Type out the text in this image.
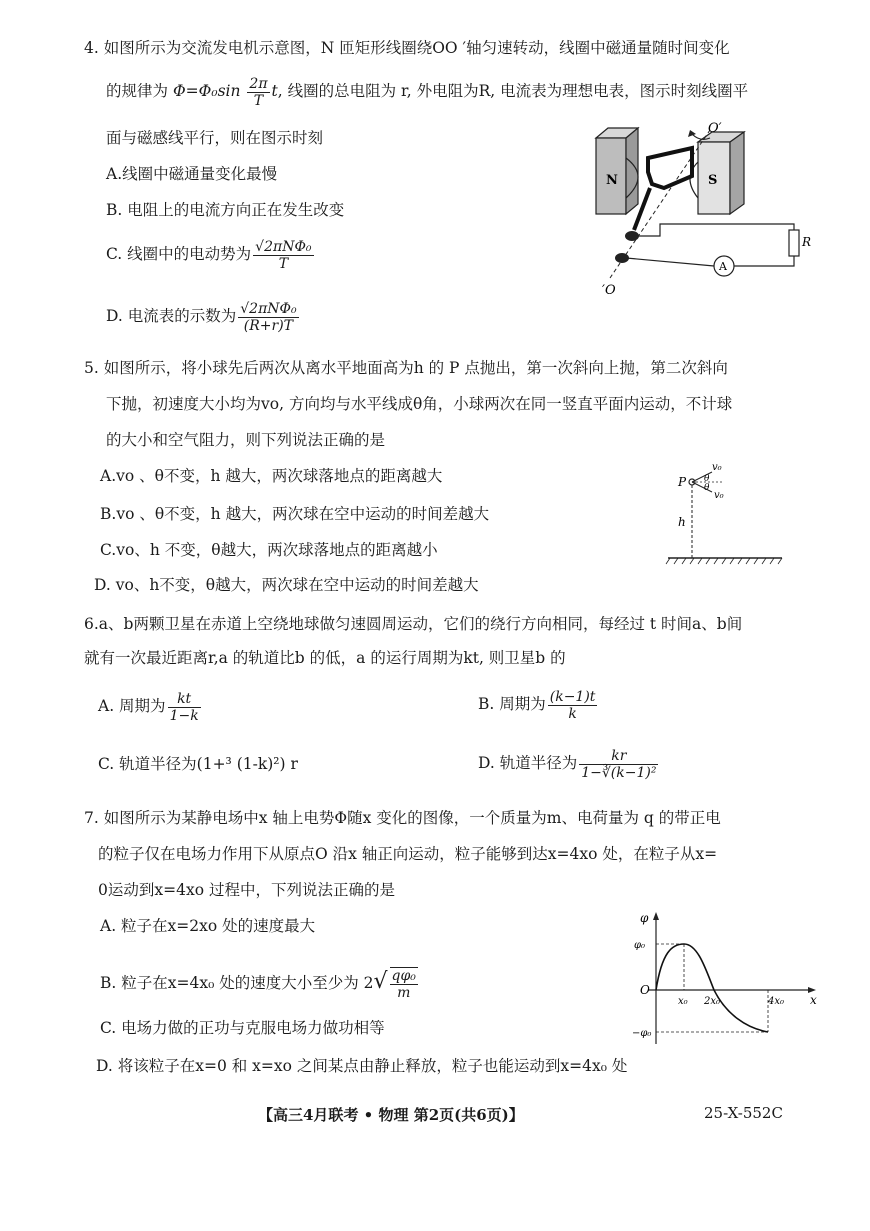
4. 如图所示为交流发电机示意图，N 匝矩形线圈绕OO ′轴匀速转动，线圈中磁通量随时间变化
的规律为 $\Phi=\Phi_0\sin \frac{2\pi}{T} t$, 线圈的总电阻为 r, 外电阻为R, 电流表为理想电表，图示时刻线圈平
面与磁感线平行，则在图示时刻
A.线圈中磁通量变化最慢
B. 电阻上的电流方向正在发生改变
C. 线圈中的电动势为 $\frac{\text{√2πNΦ₀}}{T}$
D. 电流表的示数为 $\frac{\text{√2πNΦ₀}}{(R+r)T}$
N	S
O′
′O
R
A
5. 如图所示，将小球先后两次从离水平地面高为h 的 P 点抛出，第一次斜向上抛，第二次斜向
下抛，初速度大小均为vo, 方向均与水平线成θ角，小球两次在同一竖直平面内运动，不计球
的大小和空气阻力，则下列说法正确的是
A.vo 、θ不变，h 越大，两次球落地点的距离越大
B.vo 、θ不变，h 越大，两次球在空中运动的时间差越大
C.vo、h 不变，θ越大，两次球落地点的距离越小
D. vo、h不变，θ越大，两次球在空中运动的时间差越大
P
v₀
v₀
θ
θ
h
6.a、b两颗卫星在赤道上空绕地球做匀速圆周运动，它们的绕行方向相同，每经过 t 时间a、b间
就有一次最近距离r,a 的轨道比b 的低，a 的运行周期为kt, 则卫星b 的
A. 周期为 $\frac{kt}{1-k}$	B. 周期为 $\frac{(k-1)t}{k}$
C. 轨道半径为(1+³ (1-k)²) r	D. 轨道半径为 $\frac{kr}{\text{1−∛(k−1)²}}$
7. 如图所示为某静电场中x 轴上电势Φ随x 变化的图像，一个质量为m、电荷量为 q 的带正电
的粒子仅在电场力作用下从原点O 沿x 轴正向运动，粒子能够到达x=4xo 处，在粒子从x=
0运动到x=4xo 过程中，下列说法正确的是
A. 粒子在x=2xo 处的速度最大
B. 粒子在x=4x₀ 处的速度大小至少为 $2√ \frac{\text{qφ₀}}{m}$
C. 电场力做的正功与克服电场力做功相等
D. 将该粒子在x=0 和 x=xo 之间某点由静止释放，粒子也能运动到x=4x₀ 处
φ
x
O
φ₀
−φ₀
x₀ 2x₀	4x₀
【高三4月联考 • 物理 第2页(共6页)】	25-X-552C
